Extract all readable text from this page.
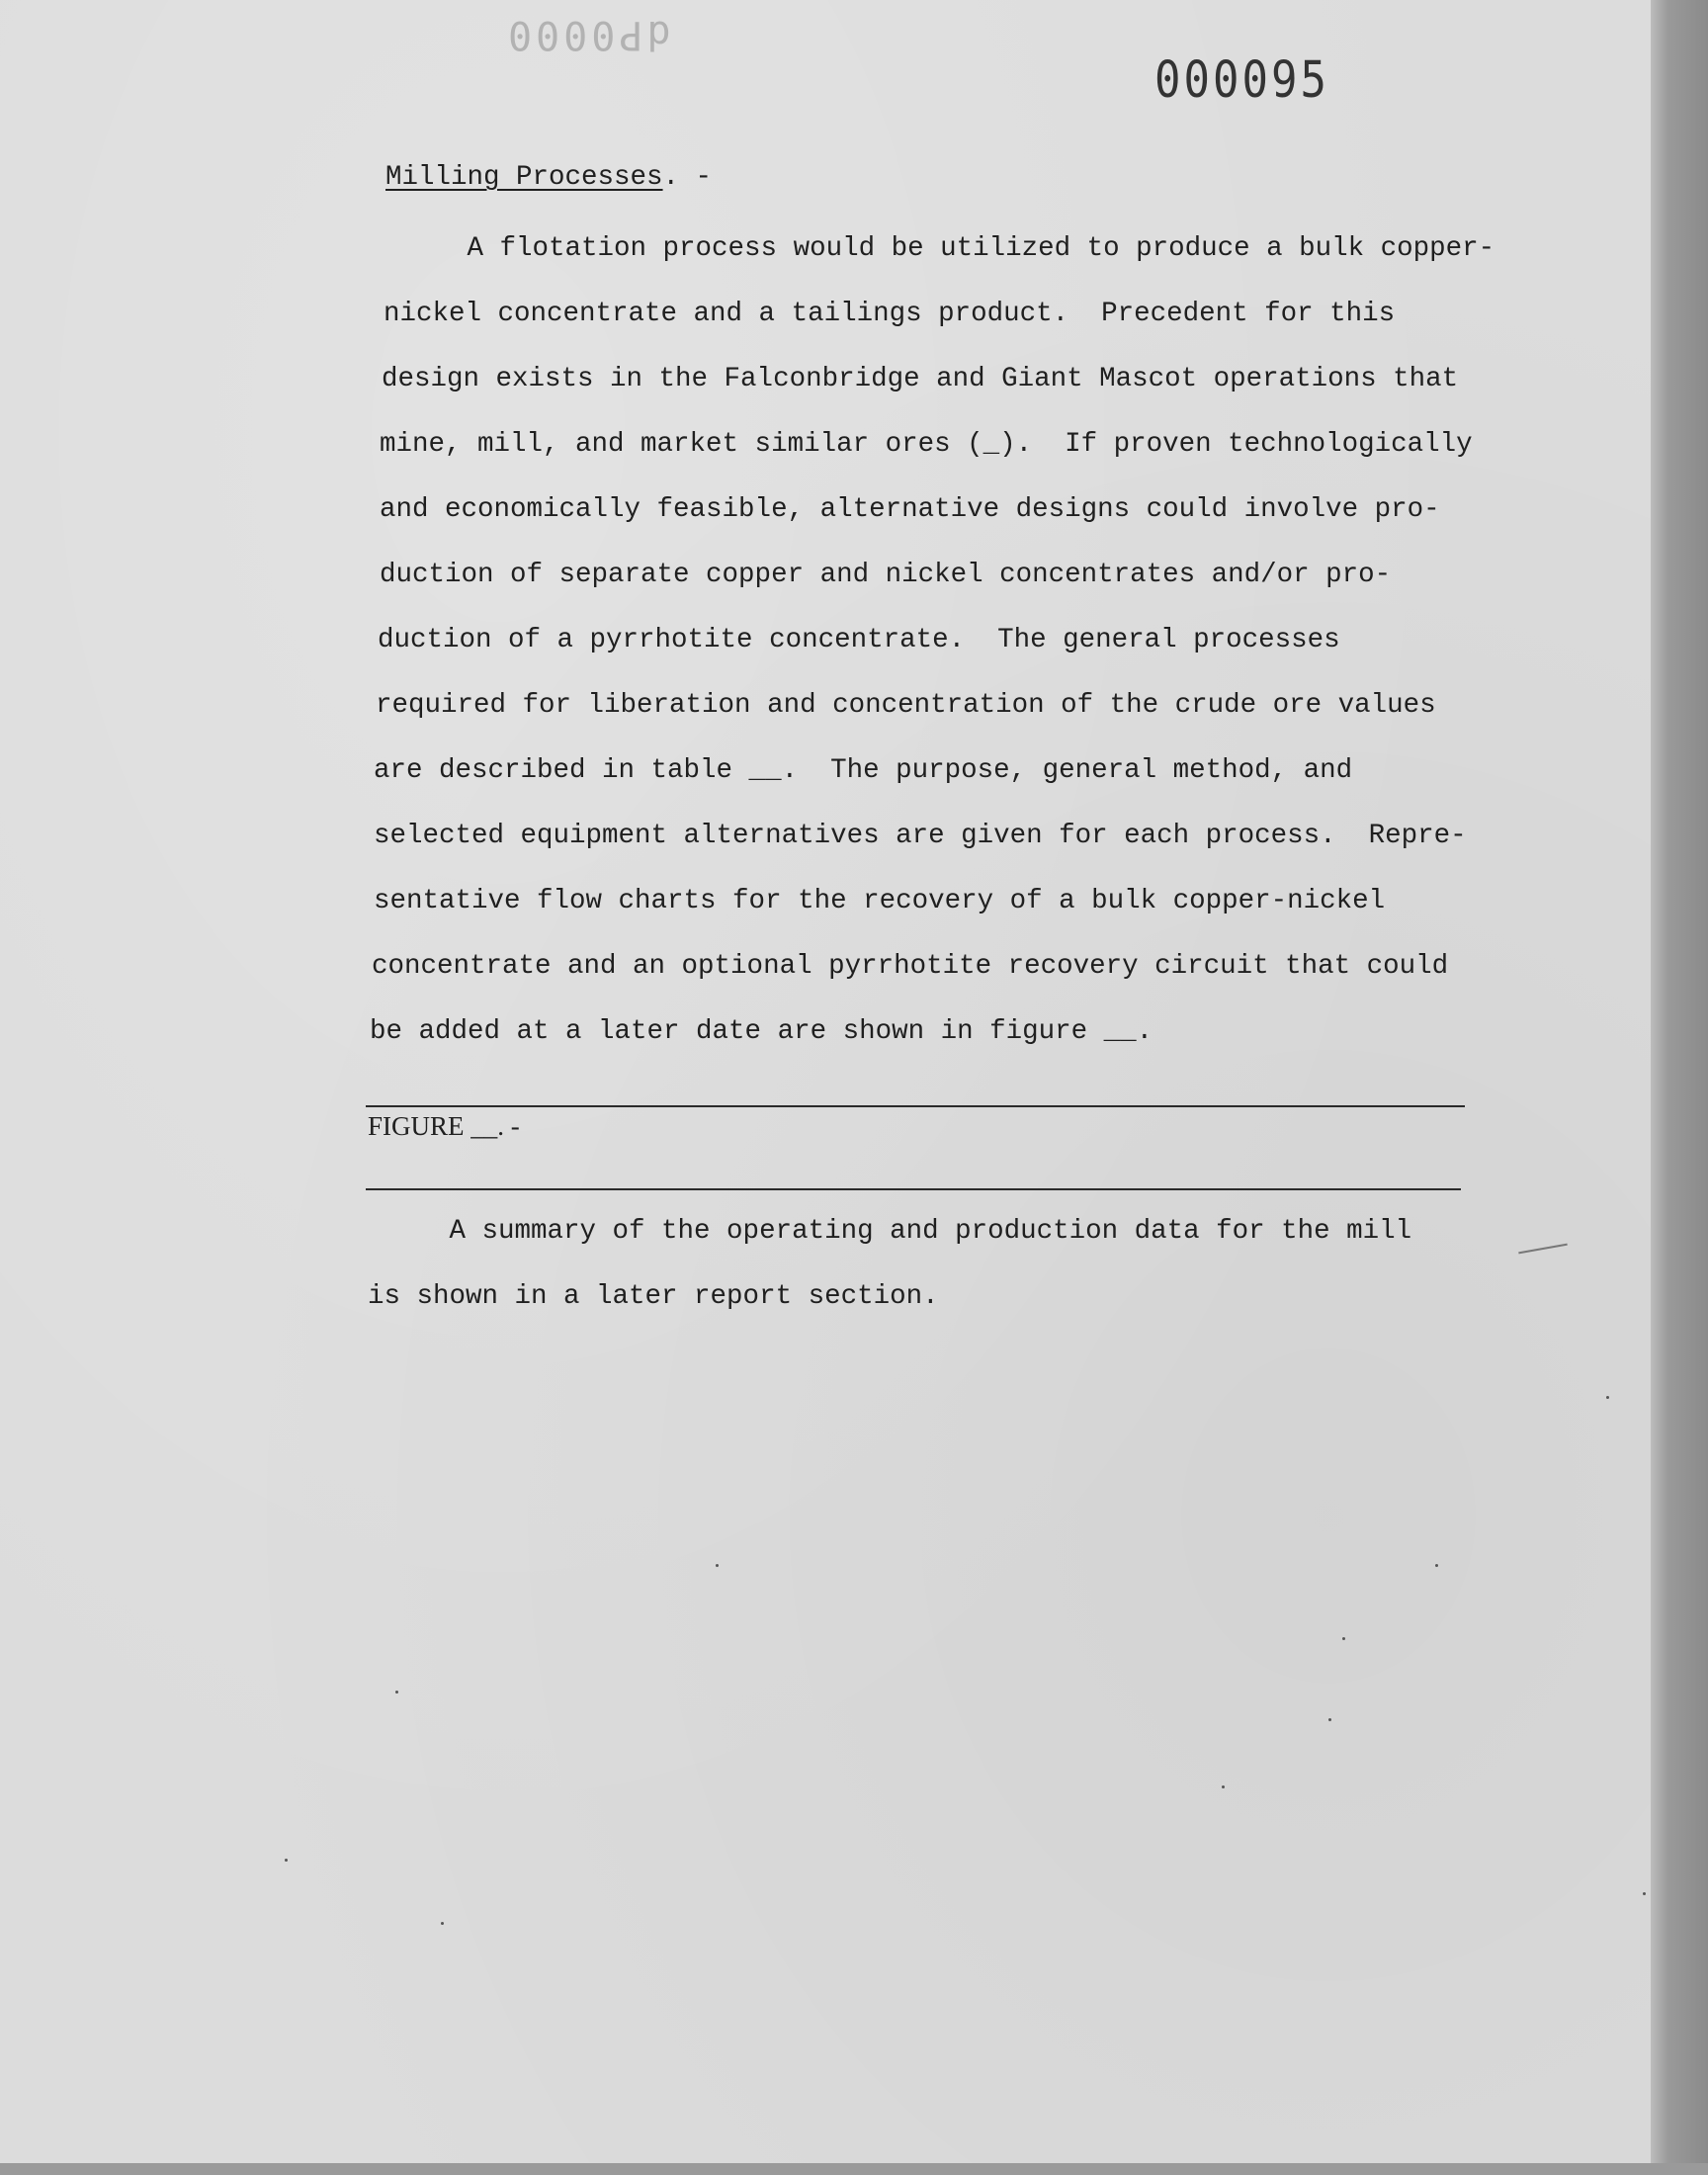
dP0000
000095
Milling Processes. -
A flotation process would be utilized to produce a bulk copper-
nickel concentrate and a tailings product.  Precedent for this
design exists in the Falconbridge and Giant Mascot operations that
mine, mill, and market similar ores (_).  If proven technologically
and economically feasible, alternative designs could involve pro-
duction of separate copper and nickel concentrates and/or pro-
duction of a pyrrhotite concentrate.  The general processes
required for liberation and concentration of the crude ore values
are described in table __.  The purpose, general method, and
selected equipment alternatives are given for each process.  Repre-
sentative flow charts for the recovery of a bulk copper-nickel
concentrate and an optional pyrrhotite recovery circuit that could
be added at a later date are shown in figure __.
FIGURE __. -
A summary of the operating and production data for the mill
is shown in a later report section.
